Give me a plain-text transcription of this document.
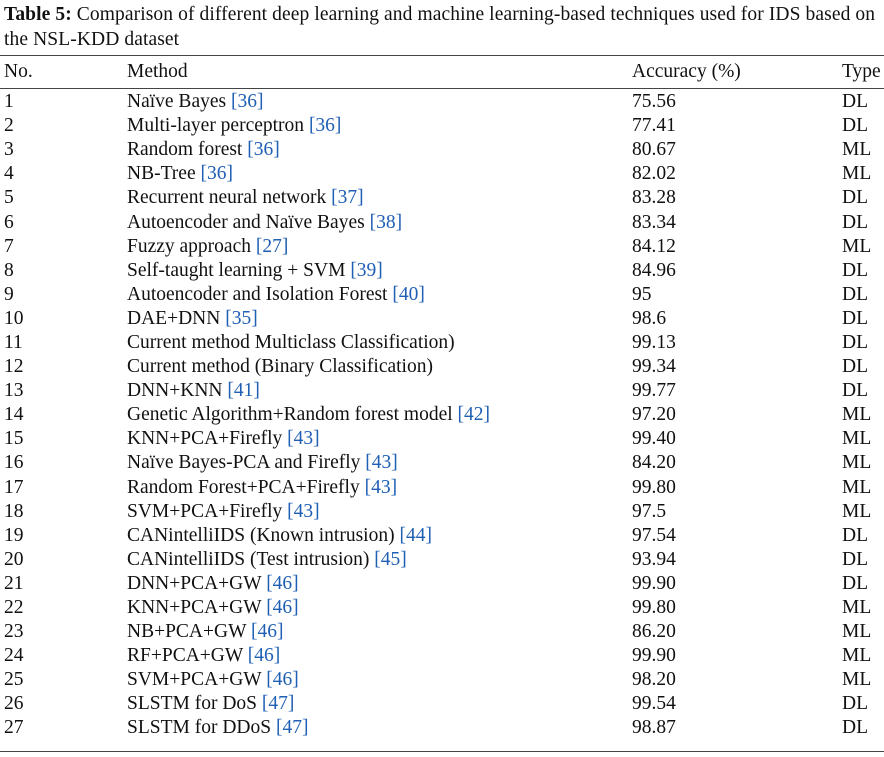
Table 5: Comparison of different deep learning and machine learning-based techniques used for IDS based on the NSL-KDD dataset
No.	Method	Accuracy (%)	Type
1	Naïve Bayes [36]	75.56	DL
2	Multi-layer perceptron [36]	77.41	DL
3	Random forest [36]	80.67	ML
4	NB-Tree [36]	82.02	ML
5	Recurrent neural network [37]	83.28	DL
6	Autoencoder and Naïve Bayes [38]	83.34	DL
7	Fuzzy approach [27]	84.12	ML
8	Self-taught learning + SVM [39]	84.96	DL
9	Autoencoder and Isolation Forest [40]	95	DL
10	DAE+DNN [35]	98.6	DL
11	Current method Multiclass Classification)	99.13	DL
12	Current method (Binary Classification)	99.34	DL
13	DNN+KNN [41]	99.77	DL
14	Genetic Algorithm+Random forest model [42]	97.20	ML
15	KNN+PCA+Firefly [43]	99.40	ML
16	Naïve Bayes-PCA and Firefly [43]	84.20	ML
17	Random Forest+PCA+Firefly [43]	99.80	ML
18	SVM+PCA+Firefly [43]	97.5	ML
19	CANintelliIDS (Known intrusion) [44]	97.54	DL
20	CANintelliIDS (Test intrusion) [45]	93.94	DL
21	DNN+PCA+GW [46]	99.90	DL
22	KNN+PCA+GW [46]	99.80	ML
23	NB+PCA+GW [46]	86.20	ML
24	RF+PCA+GW [46]	99.90	ML
25	SVM+PCA+GW [46]	98.20	ML
26	SLSTM for DoS [47]	99.54	DL
27	SLSTM for DDoS [47]	98.87	DL
